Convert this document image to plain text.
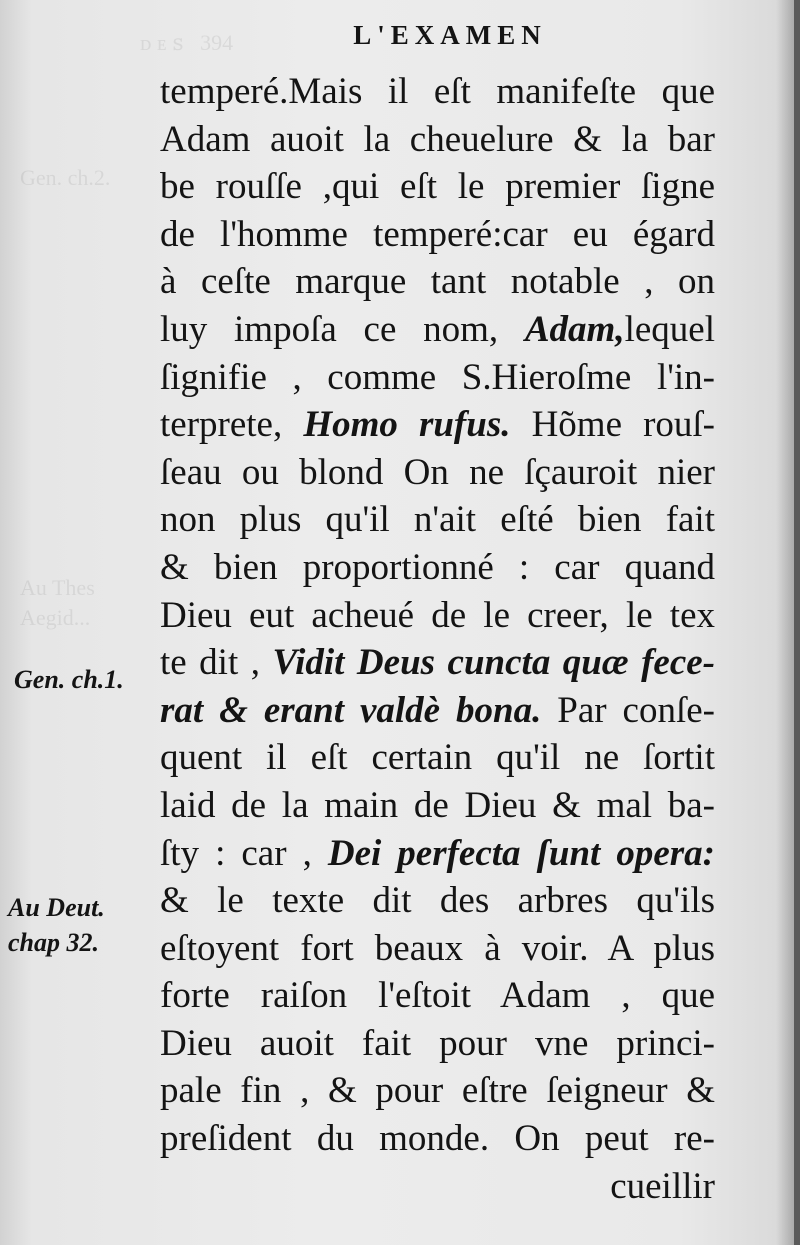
ᴅ ᴇ ꜱ   394
Gen. ch.2.
Au Thes
Aegid...
L'EXAMEN
Gen. ch.1.
Au Deut.
chap 32.
temperé.Mais il eſt manifeſte que
Adam auoit la cheuelure & la bar
be rouſſe ,qui eſt le premier ſigne
de l'homme temperé:car eu égard
à ceſte marque tant notable , on
luy impoſa ce nom, Adam,lequel
ſignifie , comme S.Hieroſme l'in-
terprete, Homo rufus. Hõme rouſ-
ſeau ou blond On ne ſçauroit nier
non plus qu'il n'ait eſté bien fait
& bien proportionné : car quand
Dieu eut acheué de le creer, le tex
te dit , Vidit Deus cuncta quæ fece-
rat & erant valdè bona. Par conſe-
quent il eſt certain qu'il ne ſortit
laid de la main de Dieu & mal ba-
ſty : car , Dei perfecta ſunt opera:
& le texte dit des arbres qu'ils
eſtoyent fort beaux à voir. A plus
forte raiſon l'eſtoit Adam , que
Dieu auoit fait pour vne princi-
pale fin , & pour eſtre ſeigneur &
preſident du monde. On peut re-
cueillir
